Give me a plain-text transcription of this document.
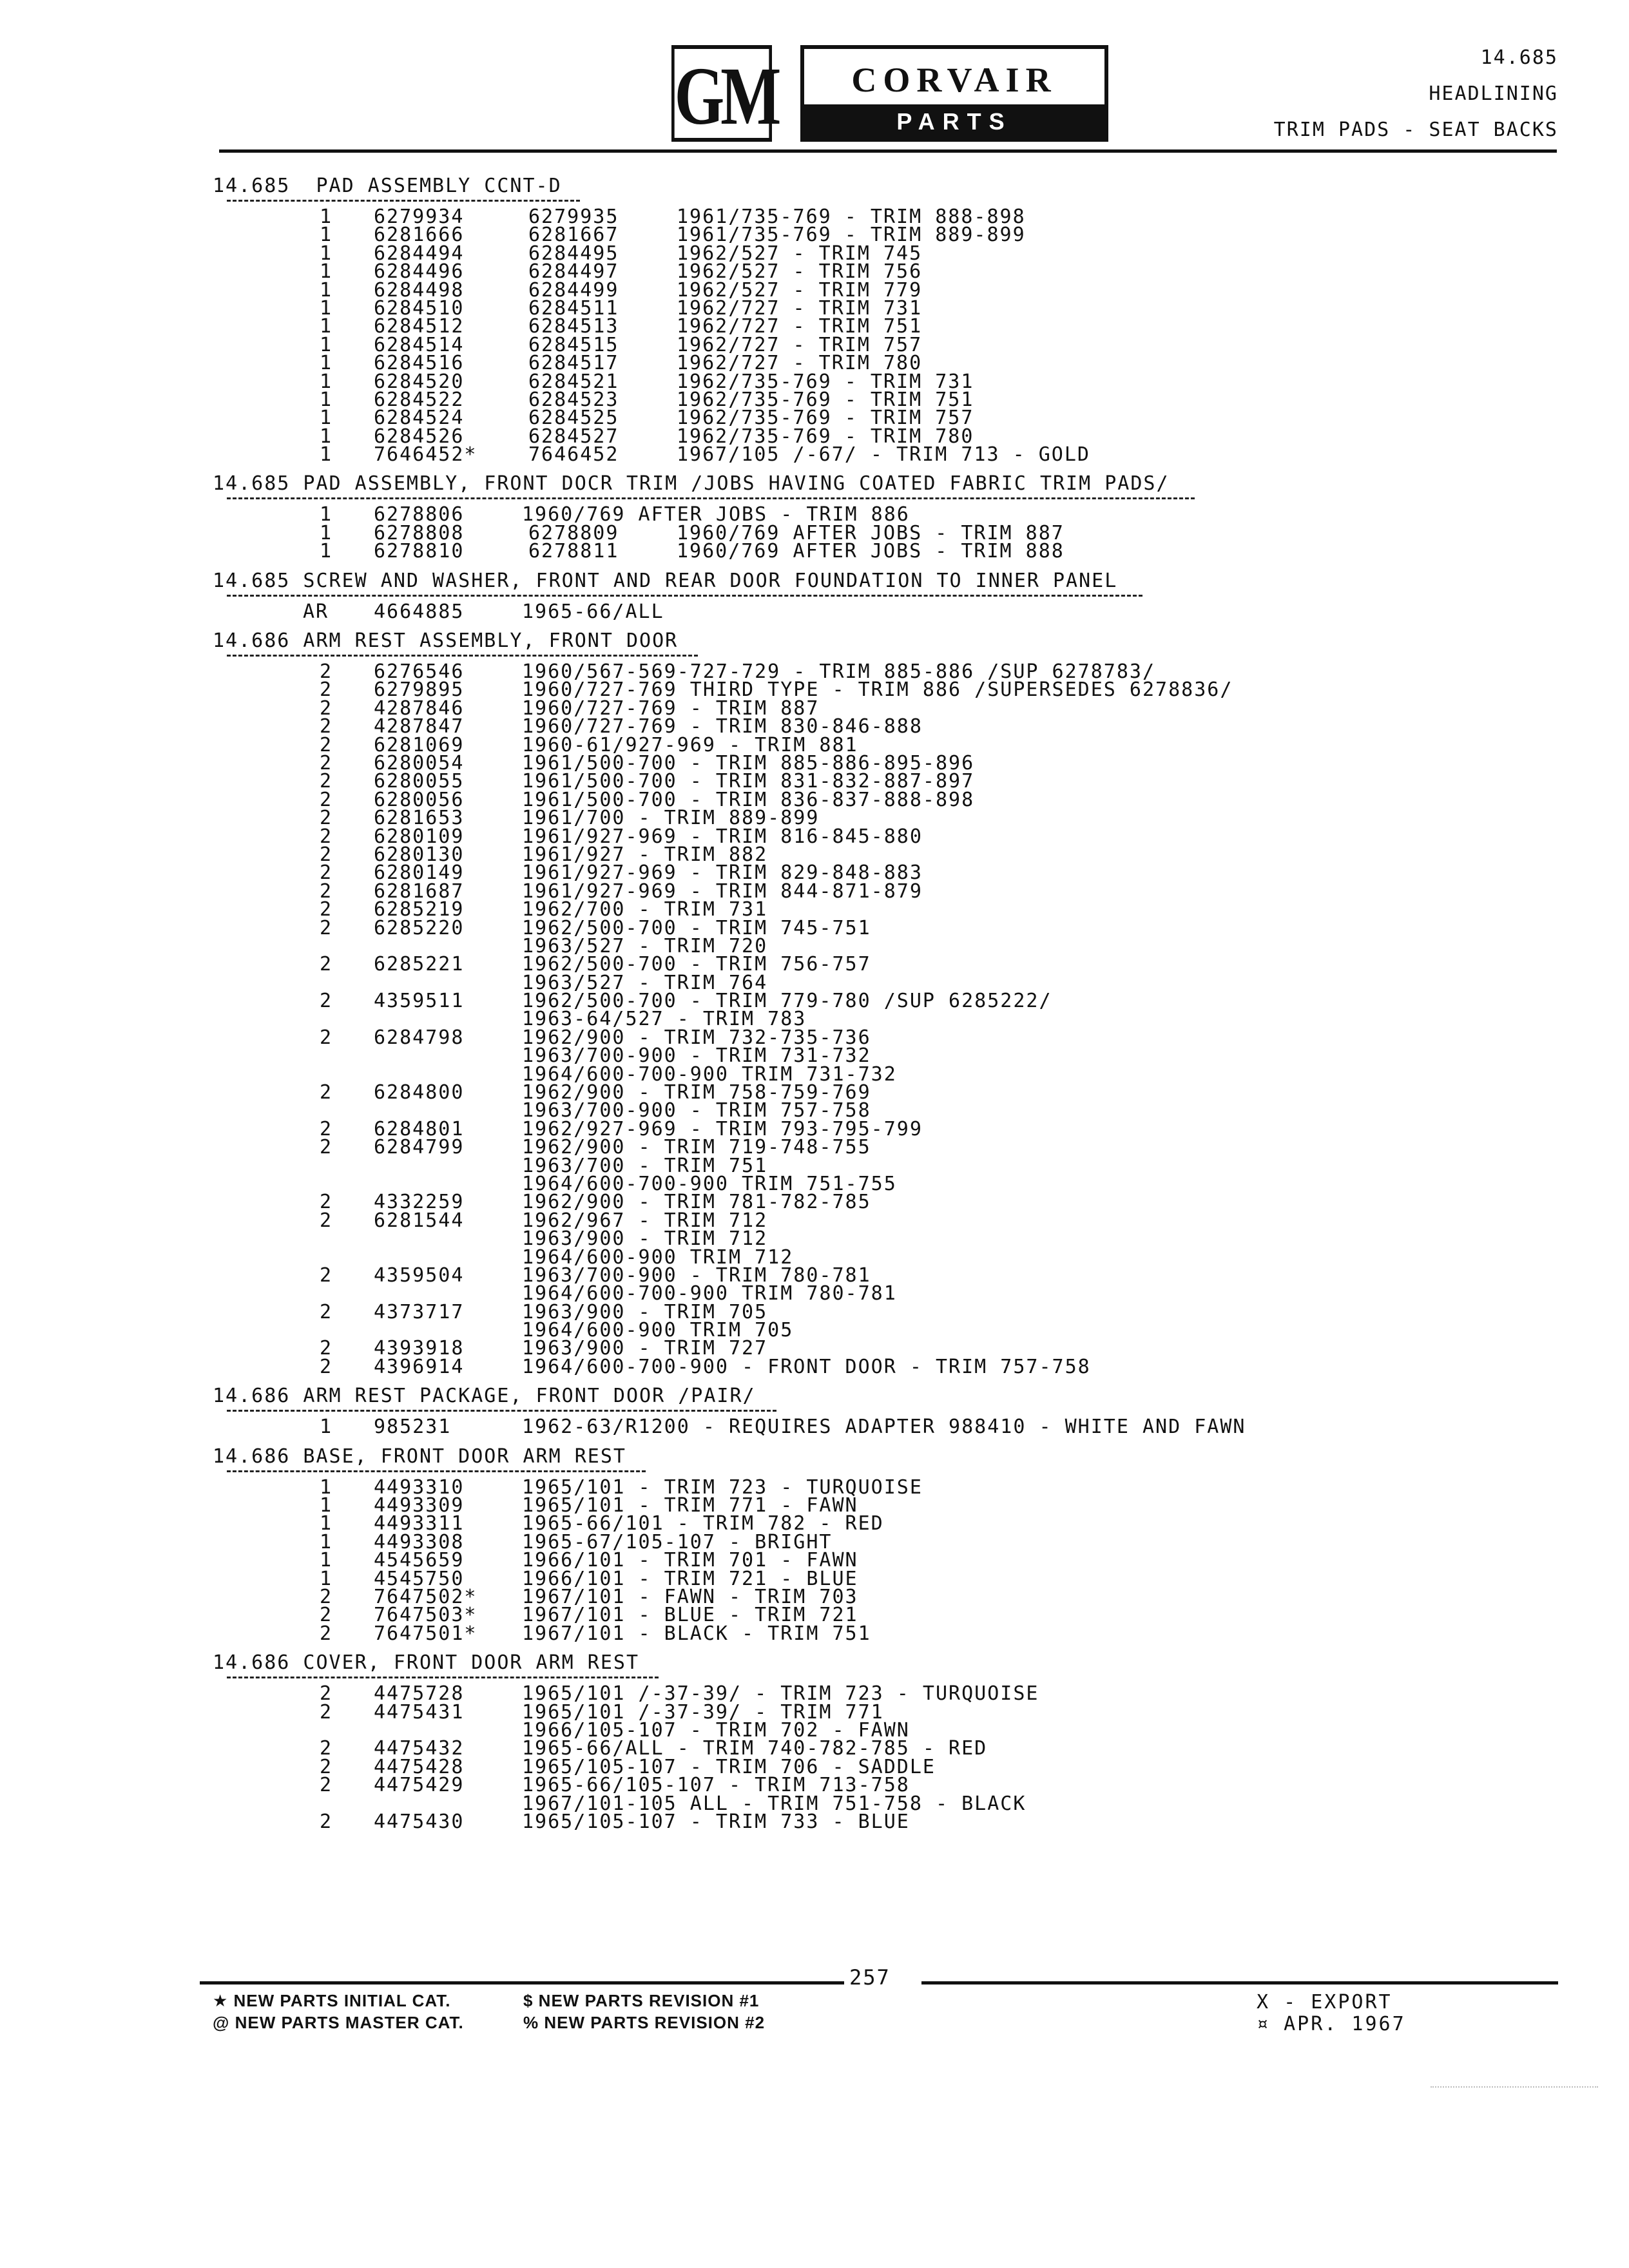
GM	CORVAIR
PARTS CATALOGUE
14.685
HEADLINING
TRIM PADS - SEAT BACKS
14.685  PAD ASSEMBLY CCNT-D
1 6279934	6279935	1961/735-769 - TRIM 888-898
1 6281666	6281667	1961/735-769 - TRIM 889-899
1 6284494	6284495	1962/527 - TRIM 745
1 6284496	6284497	1962/527 - TRIM 756
1 6284498	6284499	1962/527 - TRIM 779
1 6284510	6284511	1962/727 - TRIM 731
1 6284512	6284513	1962/727 - TRIM 751
1 6284514	6284515	1962/727 - TRIM 757
1 6284516	6284517	1962/727 - TRIM 780
1 6284520	6284521	1962/735-769 - TRIM 731
1 6284522	6284523	1962/735-769 - TRIM 751
1 6284524	6284525	1962/735-769 - TRIM 757
1 6284526	6284527	1962/735-769 - TRIM 780
1 7646452*	7646452	1967/105 /-67/ - TRIM 713 - GOLD
14.685 PAD ASSEMBLY, FRONT DOCR TRIM /JOBS HAVING COATED FABRIC TRIM PADS/
1 6278806	1960/769 AFTER JOBS - TRIM 886
1 6278808	6278809	1960/769 AFTER JOBS - TRIM 887
1 6278810	6278811	1960/769 AFTER JOBS - TRIM 888
14.685 SCREW AND WASHER, FRONT AND REAR DOOR FOUNDATION TO INNER PANEL
AR 4664885	1965-66/ALL
14.686 ARM REST ASSEMBLY, FRONT DOOR
2 6276546	1960/567-569-727-729 - TRIM 885-886 /SUP 6278783/
2 6279895	1960/727-769 THIRD TYPE - TRIM 886 /SUPERSEDES 6278836/
2 4287846	1960/727-769 - TRIM 887
2 4287847	1960/727-769 - TRIM 830-846-888
2 6281069	1960-61/927-969 - TRIM 881
2 6280054	1961/500-700 - TRIM 885-886-895-896
2 6280055	1961/500-700 - TRIM 831-832-887-897
2 6280056	1961/500-700 - TRIM 836-837-888-898
2 6281653	1961/700 - TRIM 889-899
2 6280109	1961/927-969 - TRIM 816-845-880
2 6280130	1961/927 - TRIM 882
2 6280149	1961/927-969 - TRIM 829-848-883
2 6281687	1961/927-969 - TRIM 844-871-879
2 6285219	1962/700 - TRIM 731
2 6285220	1962/500-700 - TRIM 745-751
1963/527 - TRIM 720
2 6285221	1962/500-700 - TRIM 756-757
1963/527 - TRIM 764
2 4359511	1962/500-700 - TRIM 779-780 /SUP 6285222/
1963-64/527 - TRIM 783
2 6284798	1962/900 - TRIM 732-735-736
1963/700-900 - TRIM 731-732
1964/600-700-900 TRIM 731-732
2 6284800	1962/900 - TRIM 758-759-769
1963/700-900 - TRIM 757-758
2 6284801	1962/927-969 - TRIM 793-795-799
2 6284799	1962/900 - TRIM 719-748-755
1963/700 - TRIM 751
1964/600-700-900 TRIM 751-755
2 4332259	1962/900 - TRIM 781-782-785
2 6281544	1962/967 - TRIM 712
1963/900 - TRIM 712
1964/600-900 TRIM 712
2 4359504	1963/700-900 - TRIM 780-781
1964/600-700-900 TRIM 780-781
2 4373717	1963/900 - TRIM 705
1964/600-900 TRIM 705
2 4393918	1963/900 - TRIM 727
2 4396914	1964/600-700-900 - FRONT DOOR - TRIM 757-758
14.686 ARM REST PACKAGE, FRONT DOOR /PAIR/
1 985231	1962-63/R1200 - REQUIRES ADAPTER 988410 - WHITE AND FAWN
14.686 BASE, FRONT DOOR ARM REST
1 4493310	1965/101 - TRIM 723 - TURQUOISE
1 4493309	1965/101 - TRIM 771 - FAWN
1 4493311	1965-66/101 - TRIM 782 - RED
1 4493308	1965-67/105-107 - BRIGHT
1 4545659	1966/101 - TRIM 701 - FAWN
1 4545750	1966/101 - TRIM 721 - BLUE
2 7647502* 1967/101 - FAWN - TRIM 703
2 7647503* 1967/101 - BLUE - TRIM 721
2 7647501* 1967/101 - BLACK - TRIM 751
14.686 COVER, FRONT DOOR ARM REST
2 4475728	1965/101 /-37-39/ - TRIM 723 - TURQUOISE
2 4475431	1965/101 /-37-39/ - TRIM 771
1966/105-107 - TRIM 702 - FAWN
2 4475432	1965-66/ALL - TRIM 740-782-785 - RED
2 4475428	1965/105-107 - TRIM 706 - SADDLE
2 4475429	1965-66/105-107 - TRIM 713-758
1967/101-105 ALL - TRIM 751-758 - BLACK
2 4475430	1965/105-107 - TRIM 733 - BLUE
257
★ NEW PARTS INITIAL CAT.
@ NEW PARTS MASTER CAT.
$ NEW PARTS REVISION #1
% NEW PARTS REVISION #2
X - EXPORT
¤ APR. 1967
